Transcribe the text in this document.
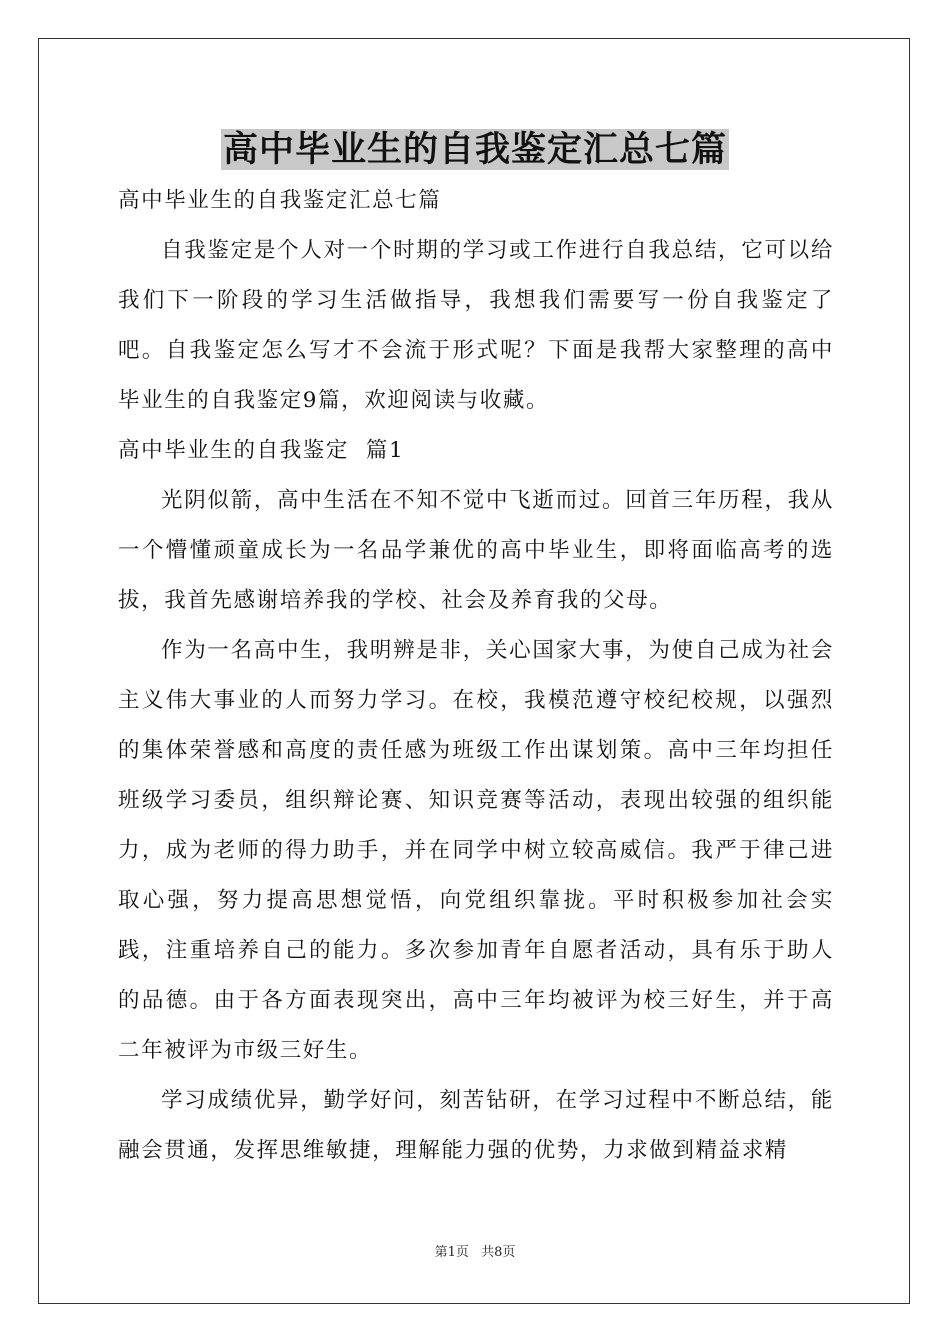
高中毕业生的自我鉴定汇总七篇

高中毕业生的自我鉴定汇总七篇

自我鉴定是个人对一个时期的学习或工作进行自我总结，它可以给我们下一阶段的学习生活做指导，我想我们需要写一份自我鉴定了吧。自我鉴定怎么写才不会流于形式呢？下面是我帮大家整理的高中毕业生的自我鉴定9篇，欢迎阅读与收藏。

高中毕业生的自我鉴定  篇1

光阴似箭，高中生活在不知不觉中飞逝而过。回首三年历程，我从一个懵懂顽童成长为一名品学兼优的高中毕业生，即将面临高考的选拔，我首先感谢培养我的学校、社会及养育我的父母。

作为一名高中生，我明辨是非，关心国家大事，为使自己成为社会主义伟大事业的人而努力学习。在校，我模范遵守校纪校规，以强烈的集体荣誉感和高度的责任感为班级工作出谋划策。高中三年均担任班级学习委员，组织辩论赛、知识竞赛等活动，表现出较强的组织能力，成为老师的得力助手，并在同学中树立较高威信。我严于律己进取心强，努力提高思想觉悟，向党组织靠拢。平时积极参加社会实践，注重培养自己的能力。多次参加青年自愿者活动，具有乐于助人的品德。由于各方面表现突出，高中三年均被评为校三好生，并于高二年被评为市级三好生。

学习成绩优异，勤学好问，刻苦钻研，在学习过程中不断总结，能融会贯通，发挥思维敏捷，理解能力强的优势，力求做到精益求精

第1页 共8页
